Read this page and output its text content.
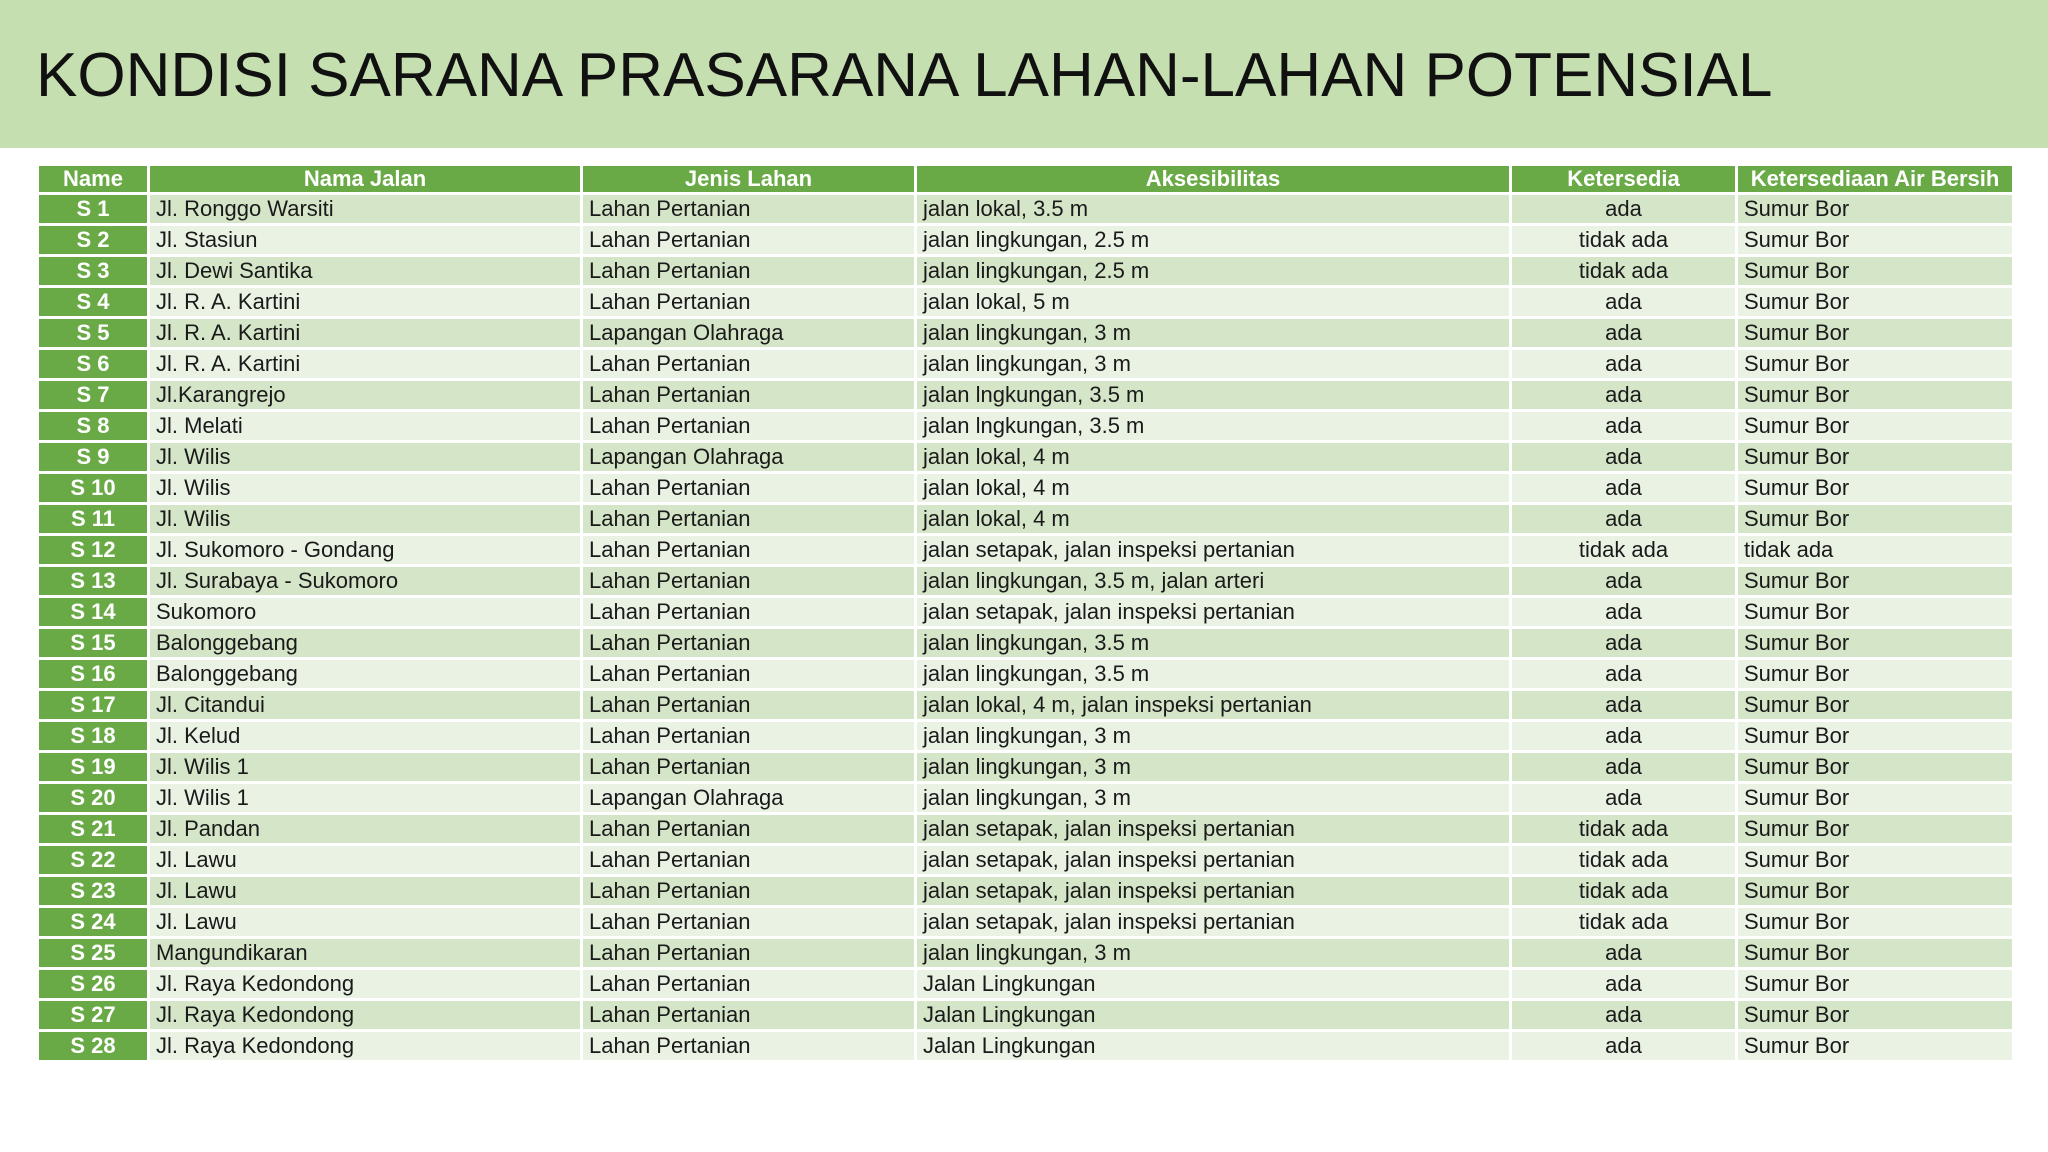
KONDISI SARANA PRASARANA LAHAN-LAHAN POTENSIAL
Name	Nama Jalan	Jenis Lahan	Aksesibilitas	Ketersedia	Ketersediaan Air Bersih
S 1	Jl. Ronggo Warsiti	Lahan Pertanian	jalan lokal, 3.5 m	ada	Sumur Bor
S 2	Jl. Stasiun	Lahan Pertanian	jalan lingkungan, 2.5 m	tidak ada	Sumur Bor
S 3	Jl. Dewi Santika	Lahan Pertanian	jalan lingkungan, 2.5 m	tidak ada	Sumur Bor
S 4	Jl. R. A. Kartini	Lahan Pertanian	jalan lokal, 5 m	ada	Sumur Bor
S 5	Jl. R. A. Kartini	Lapangan Olahraga	jalan lingkungan, 3 m	ada	Sumur Bor
S 6	Jl. R. A. Kartini	Lahan Pertanian	jalan lingkungan, 3 m	ada	Sumur Bor
S 7	Jl.Karangrejo	Lahan Pertanian	jalan lngkungan, 3.5 m	ada	Sumur Bor
S 8	Jl. Melati	Lahan Pertanian	jalan lngkungan, 3.5 m	ada	Sumur Bor
S 9	Jl. Wilis	Lapangan Olahraga	jalan lokal, 4 m	ada	Sumur Bor
S 10	Jl. Wilis	Lahan Pertanian	jalan lokal, 4 m	ada	Sumur Bor
S 11	Jl. Wilis	Lahan Pertanian	jalan lokal, 4 m	ada	Sumur Bor
S 12	Jl. Sukomoro - Gondang	Lahan Pertanian	jalan setapak, jalan inspeksi pertanian	tidak ada	tidak ada
S 13	Jl. Surabaya - Sukomoro	Lahan Pertanian	jalan lingkungan, 3.5 m, jalan arteri	ada	Sumur Bor
S 14	Sukomoro	Lahan Pertanian	jalan setapak, jalan inspeksi pertanian	ada	Sumur Bor
S 15	Balonggebang	Lahan Pertanian	jalan lingkungan, 3.5 m	ada	Sumur Bor
S 16	Balonggebang	Lahan Pertanian	jalan lingkungan, 3.5 m	ada	Sumur Bor
S 17	Jl. Citandui	Lahan Pertanian	jalan lokal, 4 m, jalan inspeksi pertanian	ada	Sumur Bor
S 18	Jl. Kelud	Lahan Pertanian	jalan lingkungan, 3 m	ada	Sumur Bor
S 19	Jl. Wilis 1	Lahan Pertanian	jalan lingkungan, 3 m	ada	Sumur Bor
S 20	Jl. Wilis 1	Lapangan Olahraga	jalan lingkungan, 3 m	ada	Sumur Bor
S 21	Jl. Pandan	Lahan Pertanian	jalan setapak, jalan inspeksi pertanian	tidak ada	Sumur Bor
S 22	Jl. Lawu	Lahan Pertanian	jalan setapak, jalan inspeksi pertanian	tidak ada	Sumur Bor
S 23	Jl. Lawu	Lahan Pertanian	jalan setapak, jalan inspeksi pertanian	tidak ada	Sumur Bor
S 24	Jl. Lawu	Lahan Pertanian	jalan setapak, jalan inspeksi pertanian	tidak ada	Sumur Bor
S 25	Mangundikaran	Lahan Pertanian	jalan lingkungan, 3 m	ada	Sumur Bor
S 26	Jl. Raya Kedondong	Lahan Pertanian	Jalan Lingkungan	ada	Sumur Bor
S 27	Jl. Raya Kedondong	Lahan Pertanian	Jalan Lingkungan	ada	Sumur Bor
S 28	Jl. Raya Kedondong	Lahan Pertanian	Jalan Lingkungan	ada	Sumur Bor
